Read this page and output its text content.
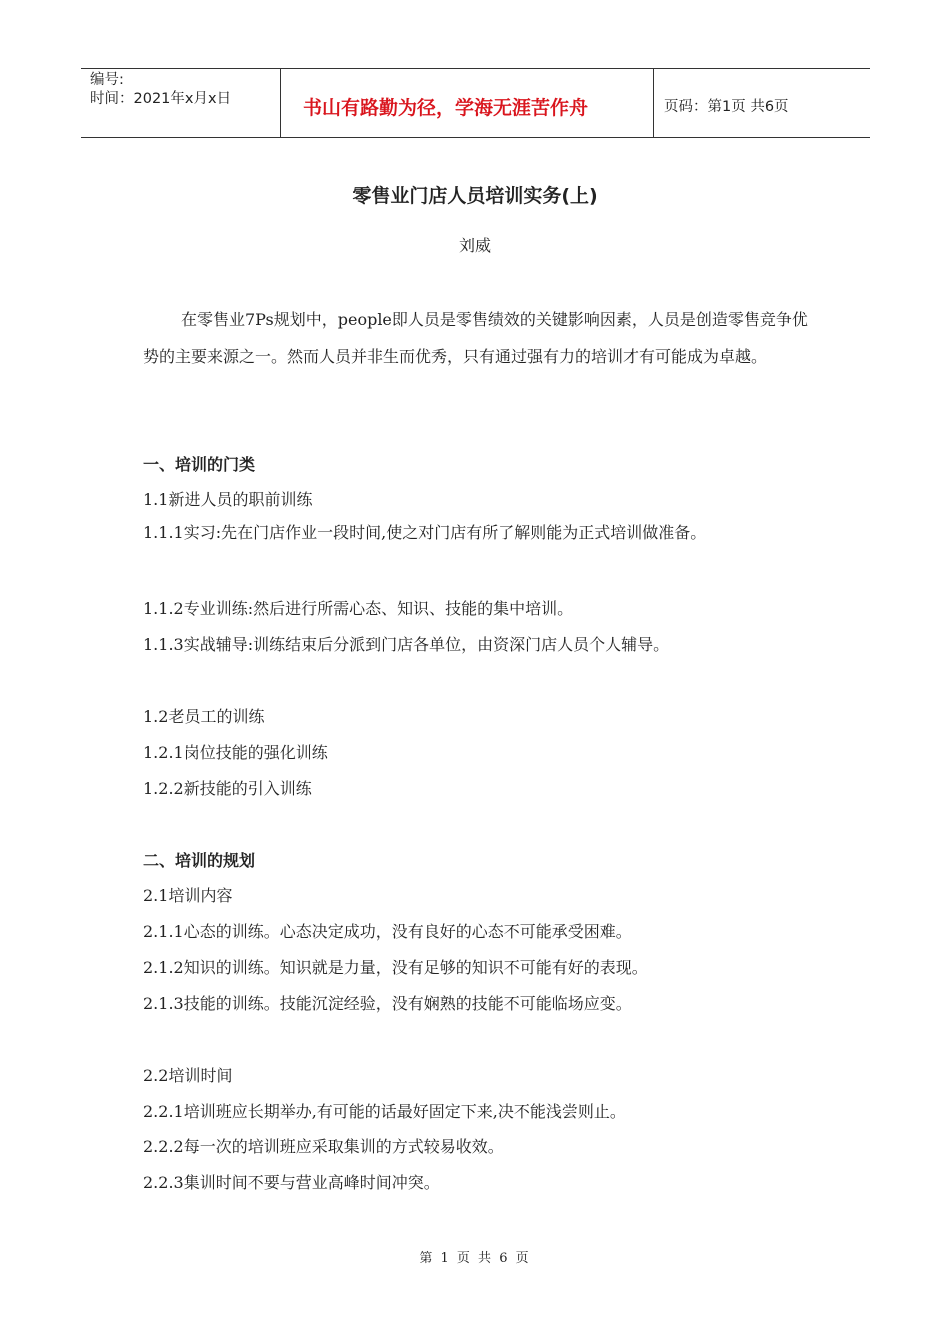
编号:
时间：2021年x月x日	书山有路勤为径，学海无涯苦作舟	页码：第1页 共6页
零售业门店人员培训实务(上)
刘威

在零售业7Ps规划中，people即人员是零售绩效的关键影响因素，人员是创造零售竞争优势的主要来源之一。然而人员并非生而优秀，只有通过强有力的培训才有可能成为卓越。

一、培训的门类
1.1新进人员的职前训练
1.1.1实习:先在门店作业一段时间,使之对门店有所了解则能为正式培训做准备。
1.1.2专业训练:然后进行所需心态、知识、技能的集中培训。
1.1.3实战辅导:训练结束后分派到门店各单位，由资深门店人员个人辅导。
1.2老员工的训练
1.2.1岗位技能的强化训练
1.2.2新技能的引入训练
二、培训的规划
2.1培训内容
2.1.1心态的训练。心态决定成功，没有良好的心态不可能承受困难。
2.1.2知识的训练。知识就是力量，没有足够的知识不可能有好的表现。
2.1.3技能的训练。技能沉淀经验，没有娴熟的技能不可能临场应变。
2.2培训时间
2.2.1培训班应长期举办,有可能的话最好固定下来,决不能浅尝则止。
2.2.2每一次的培训班应采取集训的方式较易收效。
2.2.3集训时间不要与营业高峰时间冲突。
第 1 页 共 6 页
